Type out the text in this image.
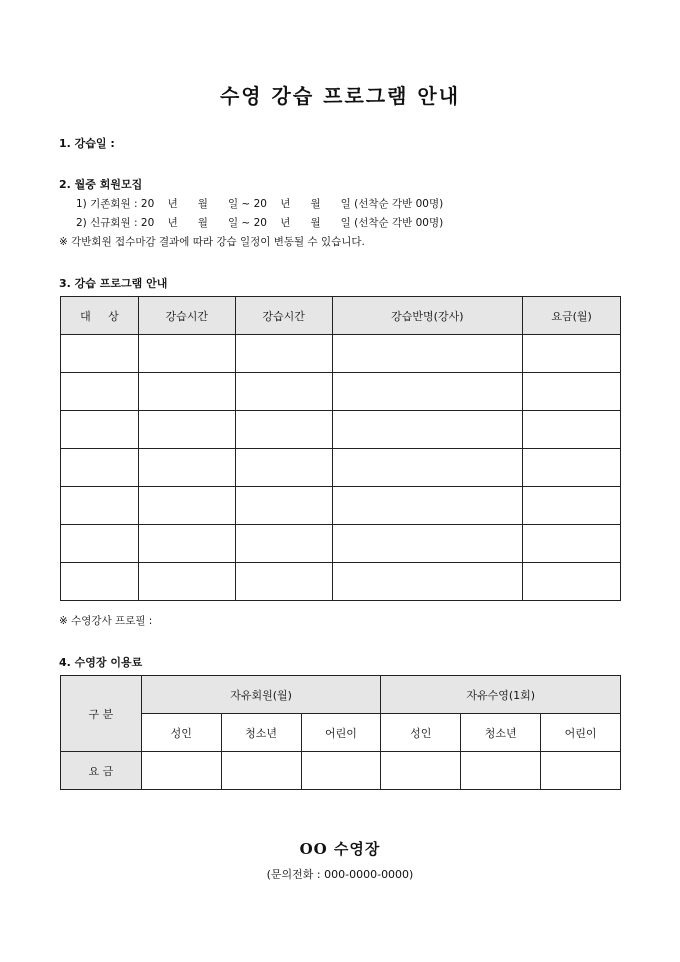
수영 강습 프로그램 안내
1. 강습일 :
2. 월중 회원모집
1) 기존회원 : 20    년      월      일 ~ 20    년      월      일 (선착순 각반 00명)
2) 신규회원 : 20    년      월      일 ~ 20    년      월      일 (선착순 각반 00명)
※ 각반회원 접수마감 결과에 따라 강습 일정이 변동될 수 있습니다.
3. 강습 프로그램 안내
대     상	강습시간	강습시간	강습반명(강사)	요금(월)

※ 수영강사 프로필 :
4. 수영장 이용료
구 분	자유회원(월)			자유수영(1회)		
	성인	청소년	어린이	성인	청소년	어린이
요 금						
OO 수영장
(문의전화 : 000-0000-0000)
